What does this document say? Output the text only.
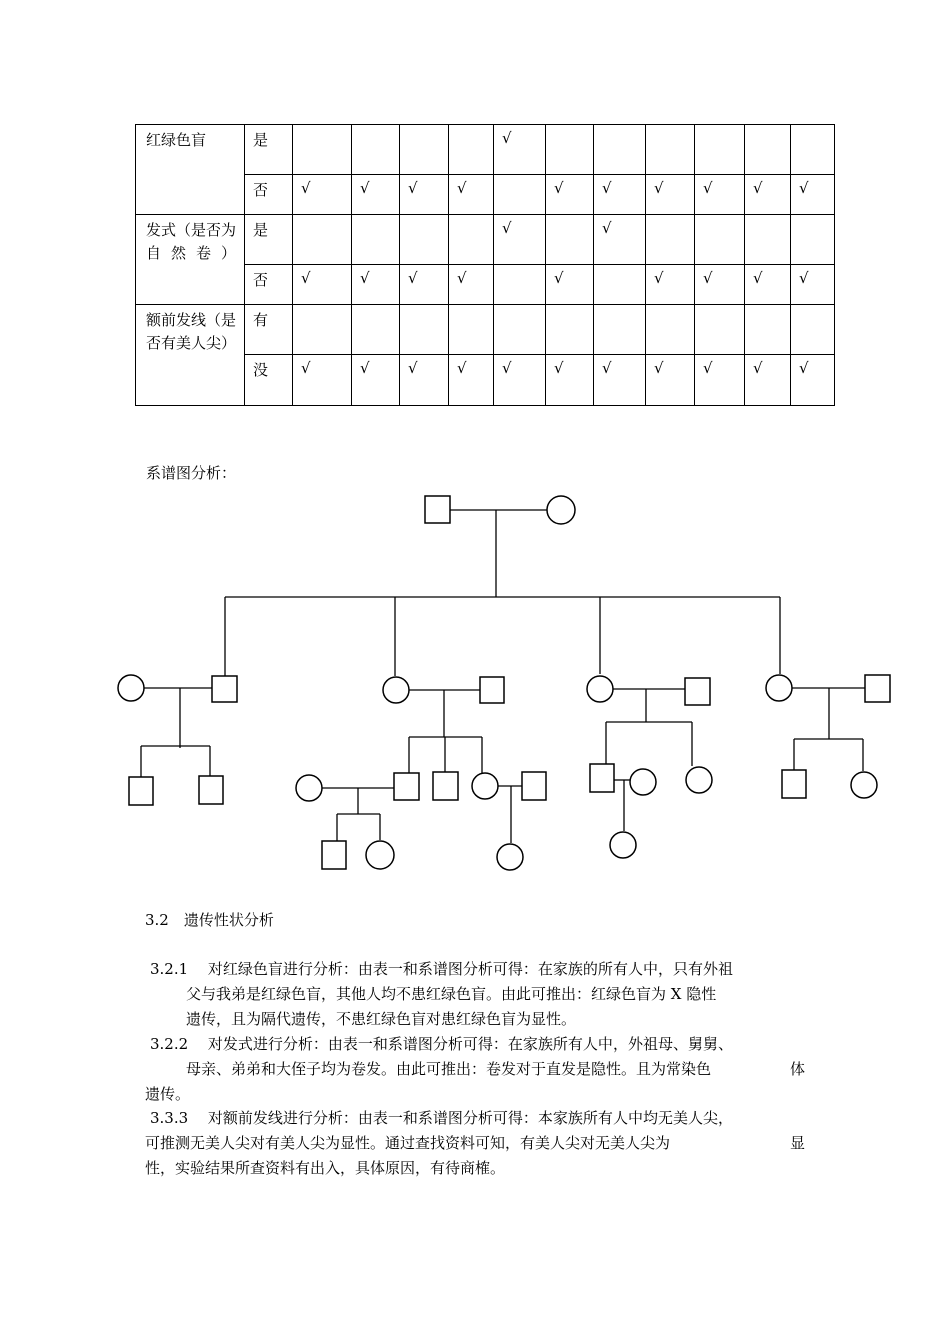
红绿色盲	是					√						
	否	√	√	√	√		√	√	√	√	√	√
发式（是否为自然卷）	是					√		√				
	否	√	√	√	√		√		√	√	√	√
额前发线（是否有美人尖）	有											
	没	√	√	√	√	√	√	√	√	√	√	√
系谱图分析：
3.2　遗传性状分析
3.2.1　 对红绿色盲进行分析：由表一和系谱图分析可得：在家族的所有人中，只有外祖
父与我弟是红绿色盲，其他人均不患红绿色盲。由此可推出：红绿色盲为 X 隐性
遗传，且为隔代遗传，不患红绿色盲对患红绿色盲为显性。
3.2.2　 对发式进行分析：由表一和系谱图分析可得：在家族所有人中，外祖母、舅舅、
母亲、弟弟和大侄子均为卷发。由此可推出：卷发对于直发是隐性。且为常染色	体
遗传。
3.3.3　 对额前发线进行分析：由表一和系谱图分析可得：本家族所有人中均无美人尖，
可推测无美人尖对有美人尖为显性。通过查找资料可知，有美人尖对无美人尖为	显
性，实验结果所查资料有出入，具体原因，有待商榷。
